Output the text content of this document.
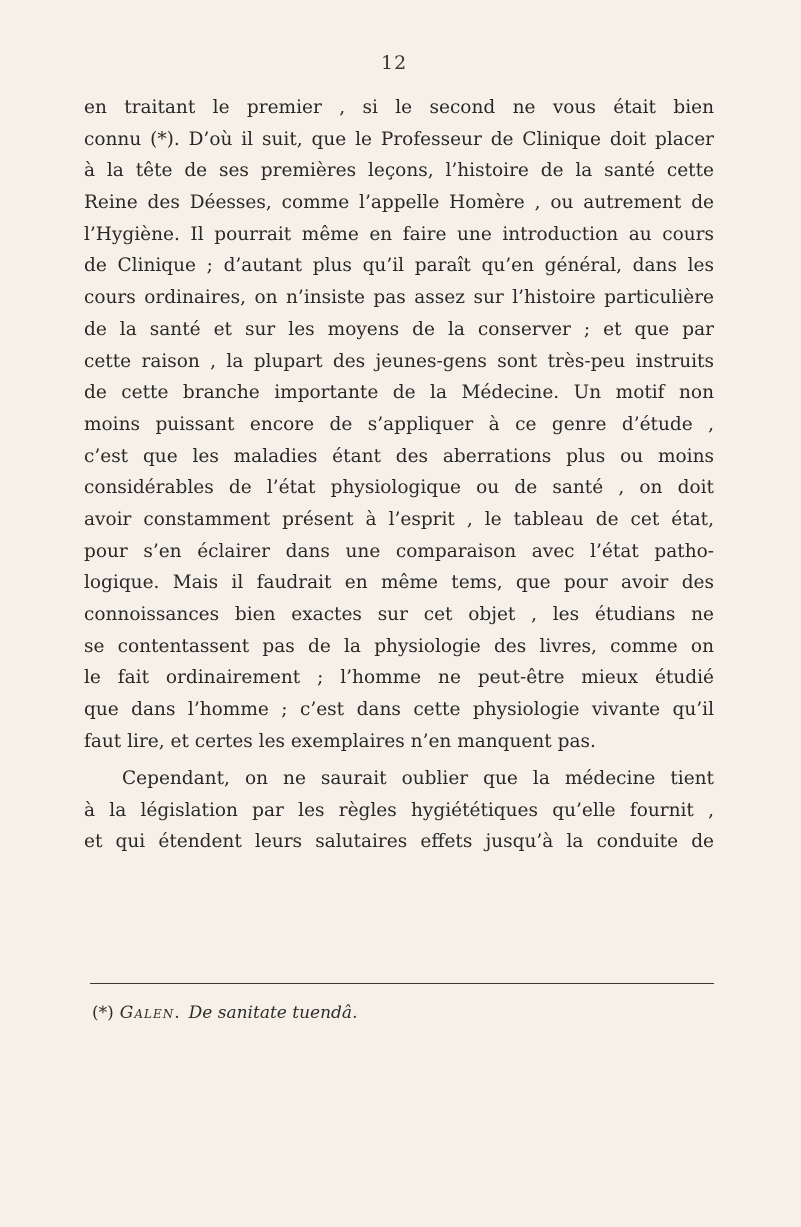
12
en traitant le premier , si le second ne vous était bien
connu (*). D’où il suit, que le Professeur de Clinique doit placer
à la tête de ses premières leçons, l’histoire de la santé cette
Reine des Déesses, comme l’appelle Homère , ou autrement de
l’Hygiène. Il pourrait même en faire une introduction au cours
de Clinique ; d’autant plus qu’il paraît qu’en général, dans les
cours ordinaires, on n’insiste pas assez sur l’histoire particulière
de la santé et sur les moyens de la conserver ; et que par
cette raison , la plupart des jeunes-gens sont très-peu instruits
de cette branche importante de la Médecine. Un motif non
moins puissant encore de s’appliquer à ce genre d’étude ,
c’est que les maladies étant des aberrations plus ou moins
considérables de l’état physiologique ou de santé , on doit
avoir constamment présent à l’esprit , le tableau de cet état,
pour s’en éclairer dans une comparaison avec l’état patho-
logique. Mais il faudrait en même tems, que pour avoir des
connoissances bien exactes sur cet objet , les étudians ne
se contentassent pas de la physiologie des livres, comme on
le fait ordinairement ; l’homme ne peut-être mieux étudié
que dans l’homme ; c’est dans cette physiologie vivante qu’il
faut lire, et certes les exemplaires n’en manquent pas.
Cependant, on ne saurait oublier que la médecine tient
à la législation par les règles hygiététiques qu’elle fournit ,
et qui étendent leurs salutaires effets jusqu’à la conduite de
(*) Galen. De sanitate tuendâ.
